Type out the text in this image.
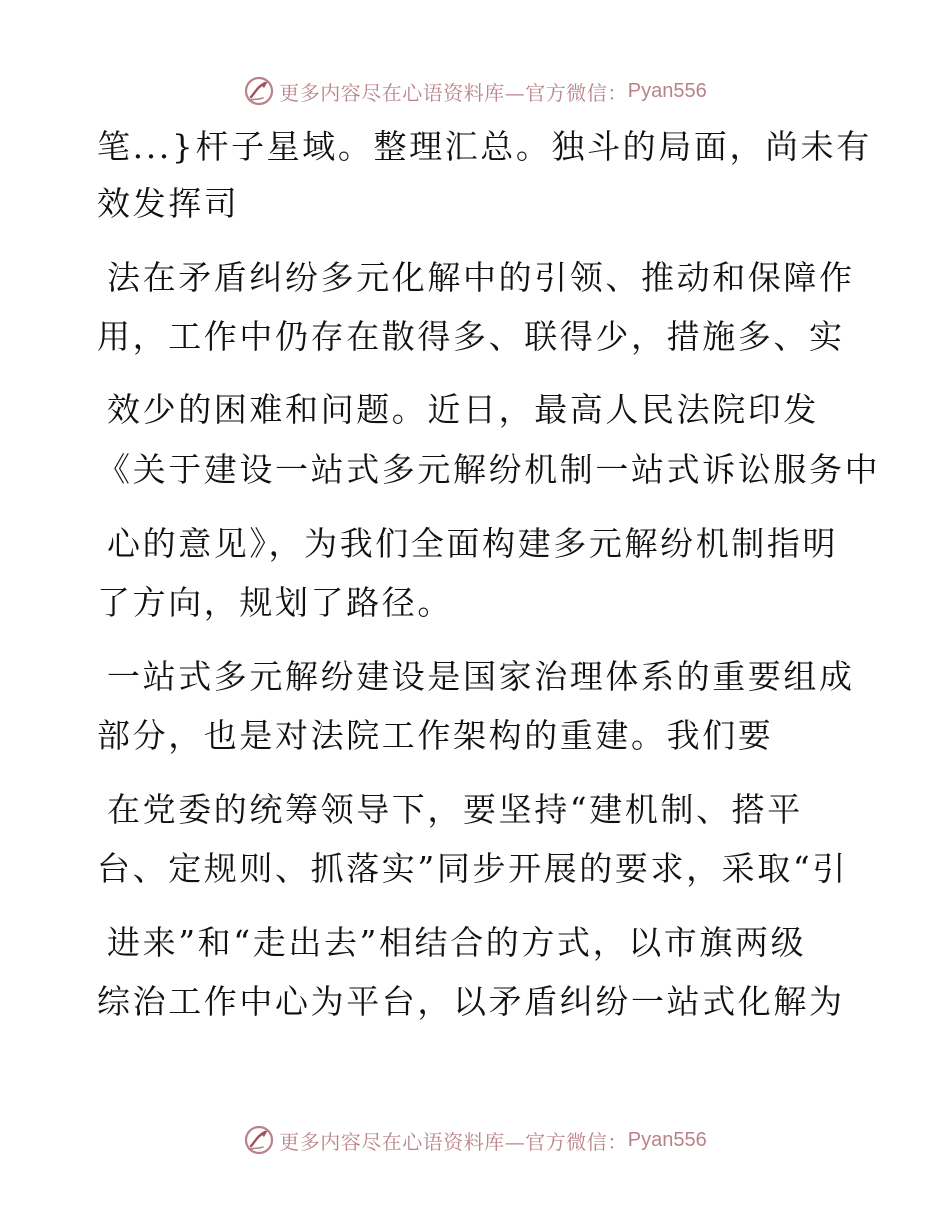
更多内容尽在心语资料库—官方微信： Pyan556
笔...}杆子星域。整理汇总。独斗的局面，尚未有
效发挥司
法在矛盾纠纷多元化解中的引领、推动和保障作
用，工作中仍存在散得多、联得少，措施多、实
效少的困难和问题。近日，最高人民法院印发
《关于建设一站式多元解纷机制一站式诉讼服务中
心的意见》，为我们全面构建多元解纷机制指明
了方向，规划了路径。
一站式多元解纷建设是国家治理体系的重要组成
部分，也是对法院工作架构的重建。我们要
在党委的统筹领导下，要坚持“建机制、搭平
台、定规则、抓落实”同步开展的要求，采取“引
进来”和“走出去”相结合的方式，以市旗两级
综治工作中心为平台，以矛盾纠纷一站式化解为
更多内容尽在心语资料库—官方微信： Pyan556
